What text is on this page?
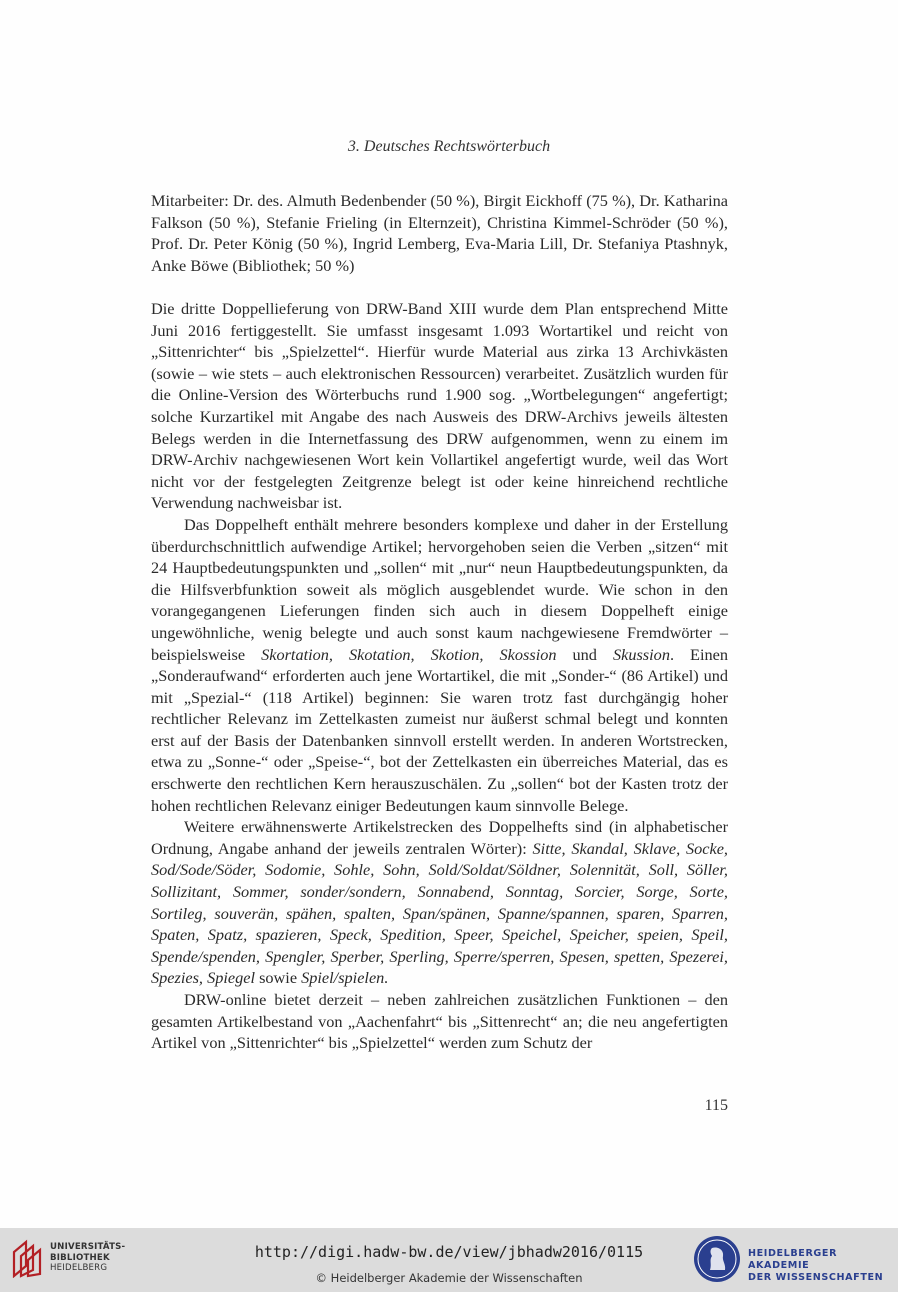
3. Deutsches Rechtswörterbuch
Mitarbeiter: Dr. des. Almuth Bedenbender (50 %), Birgit Eickhoff (75 %), Dr. Katharina Falkson (50 %), Stefanie Frieling (in Elternzeit), Christina Kimmel-Schröder (50 %), Prof. Dr. Peter König (50 %), Ingrid Lemberg, Eva-Maria Lill, Dr. Stefaniya Ptashnyk, Anke Böwe (Bibliothek; 50 %)

Die dritte Doppellieferung von DRW-Band XIII wurde dem Plan entsprechend Mitte Juni 2016 fertiggestellt. Sie umfasst insgesamt 1.093 Wortartikel und reicht von „Sittenrichter“ bis „Spielzettel“. Hierfür wurde Material aus zirka 13 Archivkästen (sowie – wie stets – auch elektronischen Ressourcen) verarbeitet. Zusätzlich wurden für die Online-Version des Wörterbuchs rund 1.900 sog. „Wortbelegungen“ angefertigt; solche Kurzartikel mit Angabe des nach Ausweis des DRW-Archivs jeweils ältesten Belegs werden in die Internetfassung des DRW aufgenommen, wenn zu einem im DRW-Archiv nachgewiesenen Wort kein Vollartikel angefertigt wurde, weil das Wort nicht vor der festgelegten Zeitgrenze belegt ist oder keine hinreichend rechtliche Verwendung nachweisbar ist.

Das Doppelheft enthält mehrere besonders komplexe und daher in der Erstellung überdurchschnittlich aufwendige Artikel; hervorgehoben seien die Verben „sitzen“ mit 24 Hauptbedeutungspunkten und „sollen“ mit „nur“ neun Hauptbedeutungspunkten, da die Hilfsverbfunktion soweit als möglich ausgeblendet wurde. Wie schon in den vorangegangenen Lieferungen finden sich auch in diesem Doppelheft einige ungewöhnliche, wenig belegte und auch sonst kaum nachgewiesene Fremdwörter – beispielsweise Skortation, Skotation, Skotion, Skossion und Skussion. Einen „Sonderaufwand“ erforderten auch jene Wortartikel, die mit „Sonder-“ (86 Artikel) und mit „Spezial-“ (118 Artikel) beginnen: Sie waren trotz fast durchgängig hoher rechtlicher Relevanz im Zettelkasten zumeist nur äußerst schmal belegt und konnten erst auf der Basis der Datenbanken sinnvoll erstellt werden. In anderen Wortstrecken, etwa zu „Sonne-“ oder „Speise-“, bot der Zettelkasten ein überreiches Material, das es erschwerte den rechtlichen Kern herauszuschälen. Zu „sollen“ bot der Kasten trotz der hohen rechtlichen Relevanz einiger Bedeutungen kaum sinnvolle Belege.

Weitere erwähnenswerte Artikelstrecken des Doppelhefts sind (in alphabetischer Ordnung, Angabe anhand der jeweils zentralen Wörter): Sitte, Skandal, Sklave, Socke, Sod/Sode/Söder, Sodomie, Sohle, Sohn, Sold/Soldat/Söldner, Solennität, Soll, Söller, Sollizitant, Sommer, sonder/sondern, Sonnabend, Sonntag, Sorcier, Sorge, Sorte, Sortileg, souverän, spähen, spalten, Span/spänen, Spanne/spannen, sparen, Sparren, Spaten, Spatz, spazieren, Speck, Spedition, Speer, Speichel, Speicher, speien, Speil, Spende/spenden, Spengler, Sperber, Sperling, Sperre/sperren, Spesen, spetten, Spezerei, Spezies, Spiegel sowie Spiel/spielen.

DRW-online bietet derzeit – neben zahlreichen zusätzlichen Funktionen – den gesamten Artikelbestand von „Aachenfahrt“ bis „Sittenrecht“ an; die neu angefertigten Artikel von „Sittenrichter“ bis „Spielzettel“ werden zum Schutz der

115
UNIVERSITÄTS-
BIBLIOTHEK
HEIDELBERG
http://digi.hadw-bw.de/view/jbhadw2016/0115
© Heidelberger Akademie der Wissenschaften
HEIDELBERGER AKADEMIE
DER WISSENSCHAFTEN
